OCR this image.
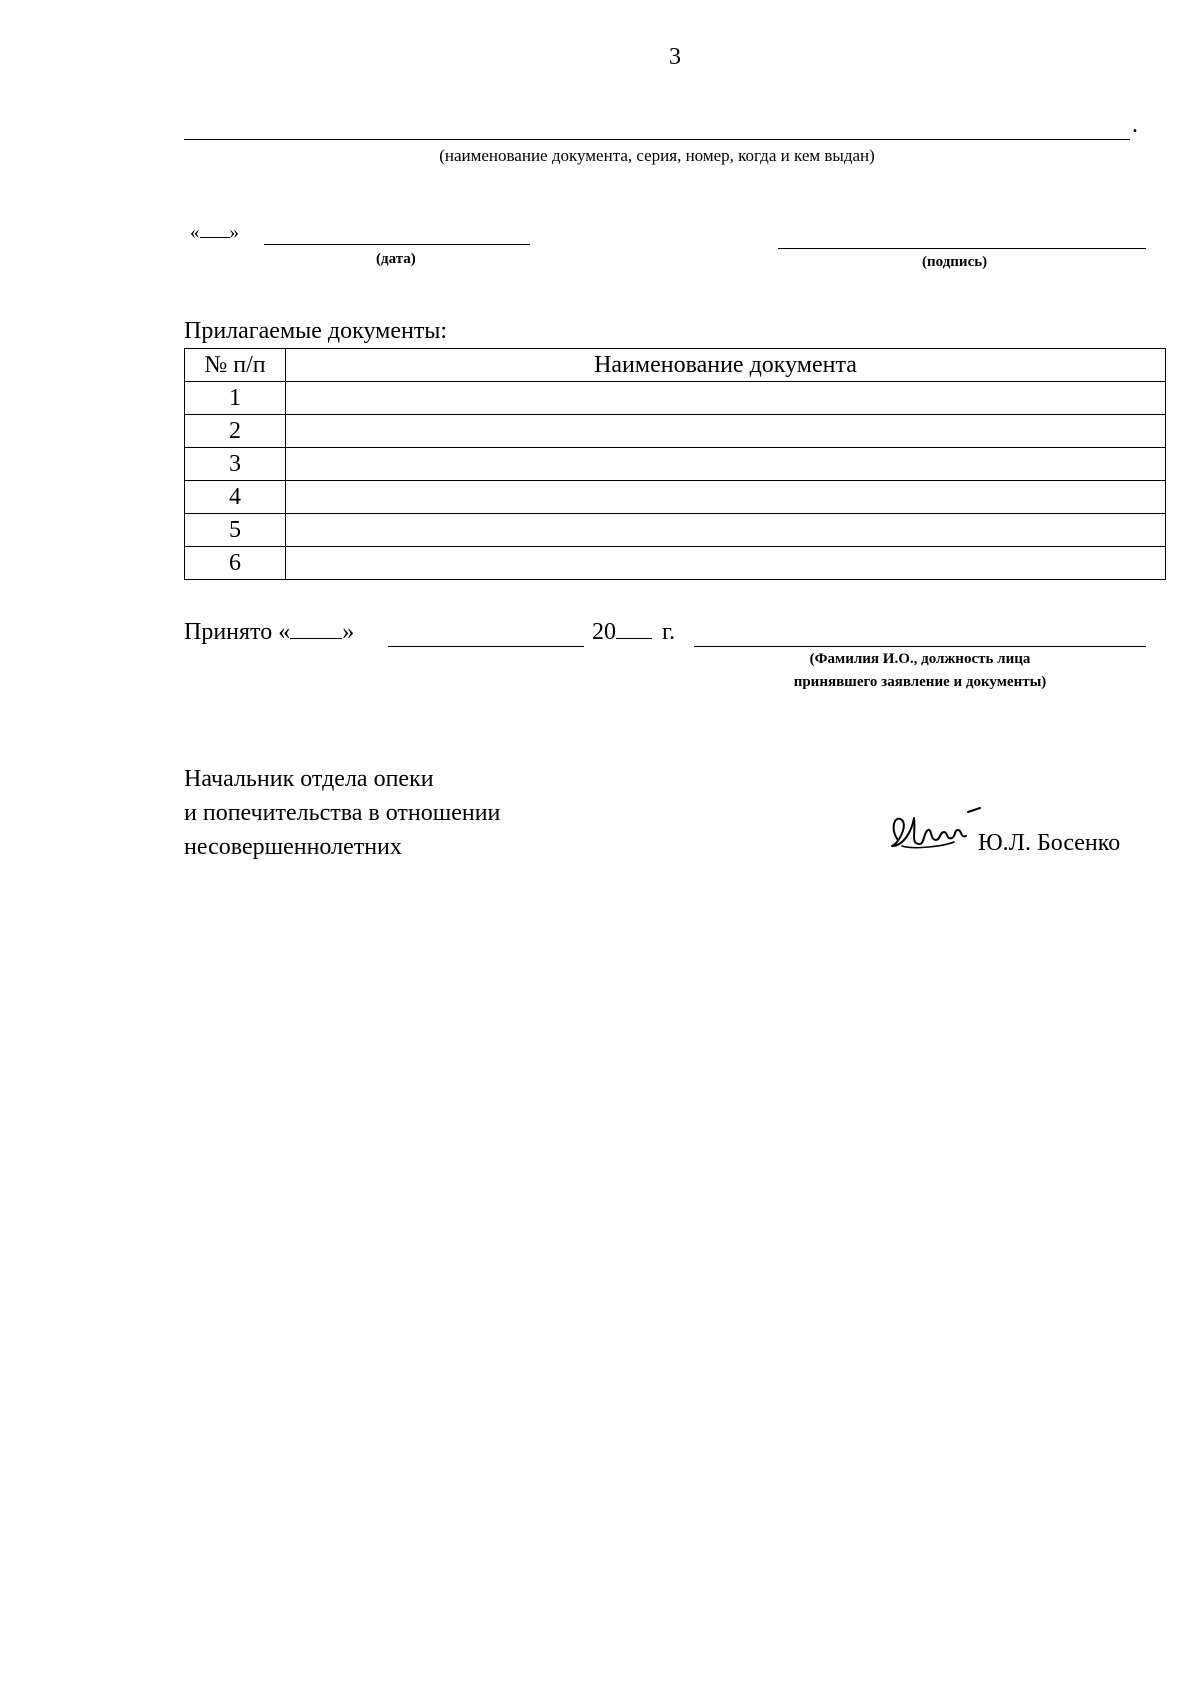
3
.
(наименование документа, серия, номер, когда и кем выдан)
« »
(дата)	(подпись)
Прилагаемые документы:
№ п/п	Наименование документа
1	
2	
3	
4	
5	
6	
Принято « »	20 г.
(Фамилия И.О., должность лица
принявшего заявление и документы)
Начальник отдела опеки
и попечительства в отношении
несовершеннолетних	Ю.Л. Босенко
